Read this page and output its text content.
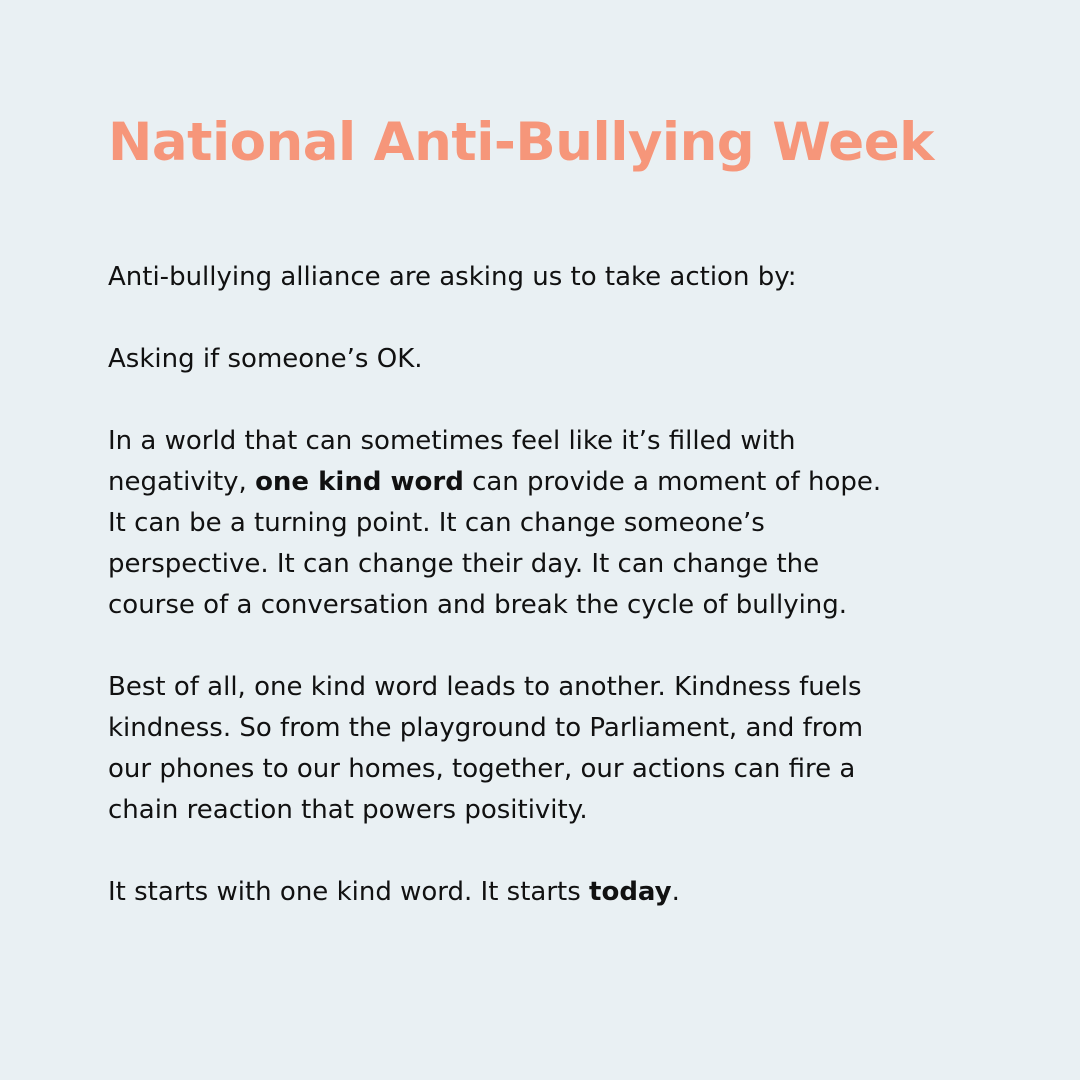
National Anti-Bullying Week

Anti-bullying alliance are asking us to take action by:

Asking if someone’s OK.

In a world that can sometimes feel like it’s filled with
negativity, one kind word can provide a moment of hope.
It can be a turning point. It can change someone’s
perspective. It can change their day. It can change the
course of a conversation and break the cycle of bullying.

Best of all, one kind word leads to another. Kindness fuels
kindness. So from the playground to Parliament, and from
our phones to our homes, together, our actions can fire a
chain reaction that powers positivity.

It starts with one kind word. It starts today.
